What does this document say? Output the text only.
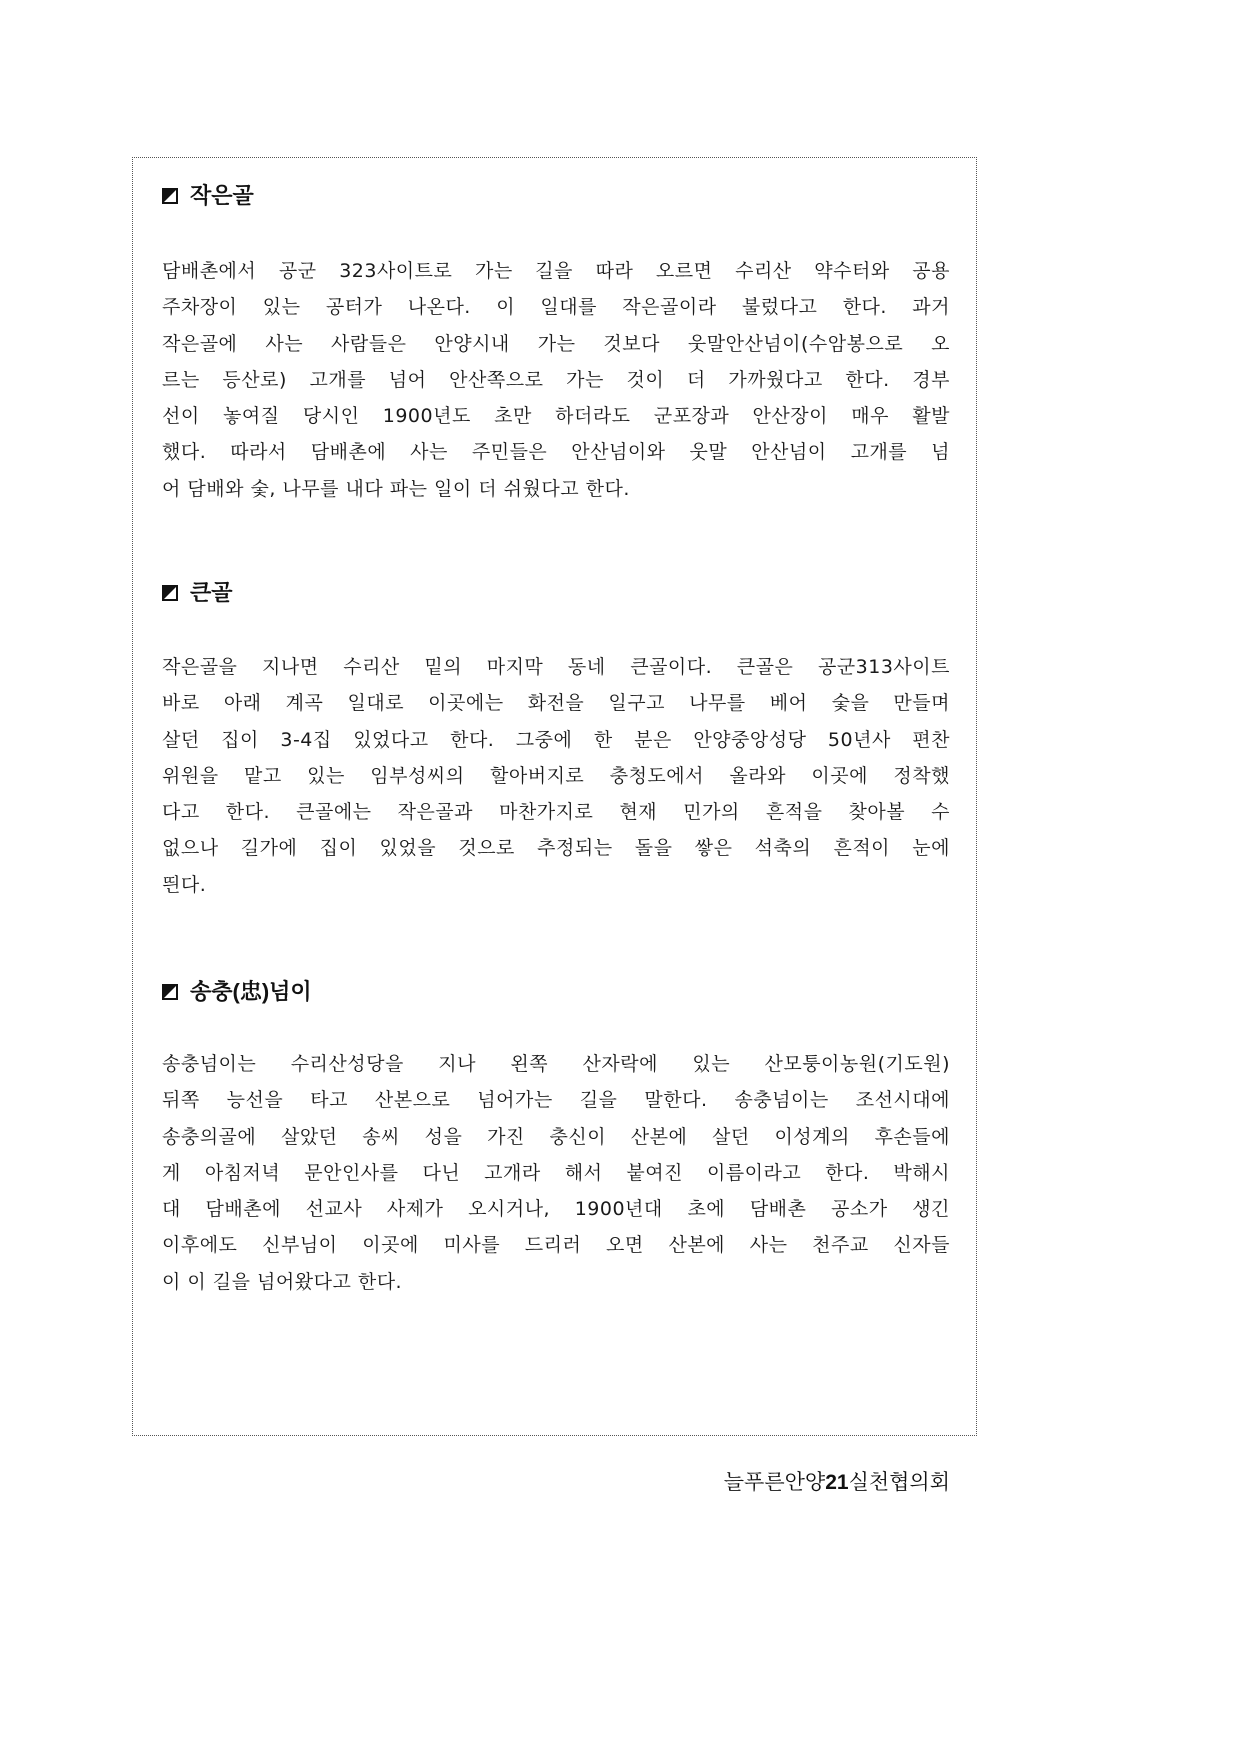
작은골
담배촌에서 공군 323사이트로 가는 길을 따라 오르면 수리산 약수터와 공용
주차장이 있는 공터가 나온다. 이 일대를 작은골이라 불렀다고 한다. 과거
작은골에 사는 사람들은 안양시내 가는 것보다 웃말안산넘이(수암봉으로 오
르는 등산로) 고개를 넘어 안산쪽으로 가는 것이 더 가까웠다고 한다. 경부
선이 놓여질 당시인 1900년도 초만 하더라도 군포장과 안산장이 매우 활발
했다. 따라서 담배촌에 사는 주민들은 안산넘이와 웃말 안산넘이 고개를 넘
어 담배와 숯, 나무를 내다 파는 일이 더 쉬웠다고 한다.
큰골
작은골을 지나면 수리산 밑의 마지막 동네 큰골이다. 큰골은 공군313사이트
바로 아래 계곡 일대로 이곳에는 화전을 일구고 나무를 베어 숯을 만들며
살던 집이 3-4집 있었다고 한다. 그중에 한 분은 안양중앙성당 50년사 편찬
위원을 맡고 있는 임부성씨의 할아버지로 충청도에서 올라와 이곳에 정착했
다고 한다. 큰골에는 작은골과 마찬가지로 현재 민가의 흔적을 찾아볼 수
없으나 길가에 집이 있었을 것으로 추정되는 돌을 쌓은 석축의 흔적이 눈에
띈다.
송충(忠)넘이
송충넘이는 수리산성당을 지나 왼쪽 산자락에 있는 산모퉁이농원(기도원)
뒤쪽 능선을 타고 산본으로 넘어가는 길을 말한다. 송충넘이는 조선시대에
송충의골에 살았던 송씨 성을 가진 충신이 산본에 살던 이성계의 후손들에
게 아침저녁 문안인사를 다닌 고개라 해서 붙여진 이름이라고 한다. 박해시
대 담배촌에 선교사 사제가 오시거나, 1900년대 초에 담배촌 공소가 생긴
이후에도 신부님이 이곳에 미사를 드리러 오면 산본에 사는 천주교 신자들
이 이 길을 넘어왔다고 한다.
늘푸른안양21실천협의회
